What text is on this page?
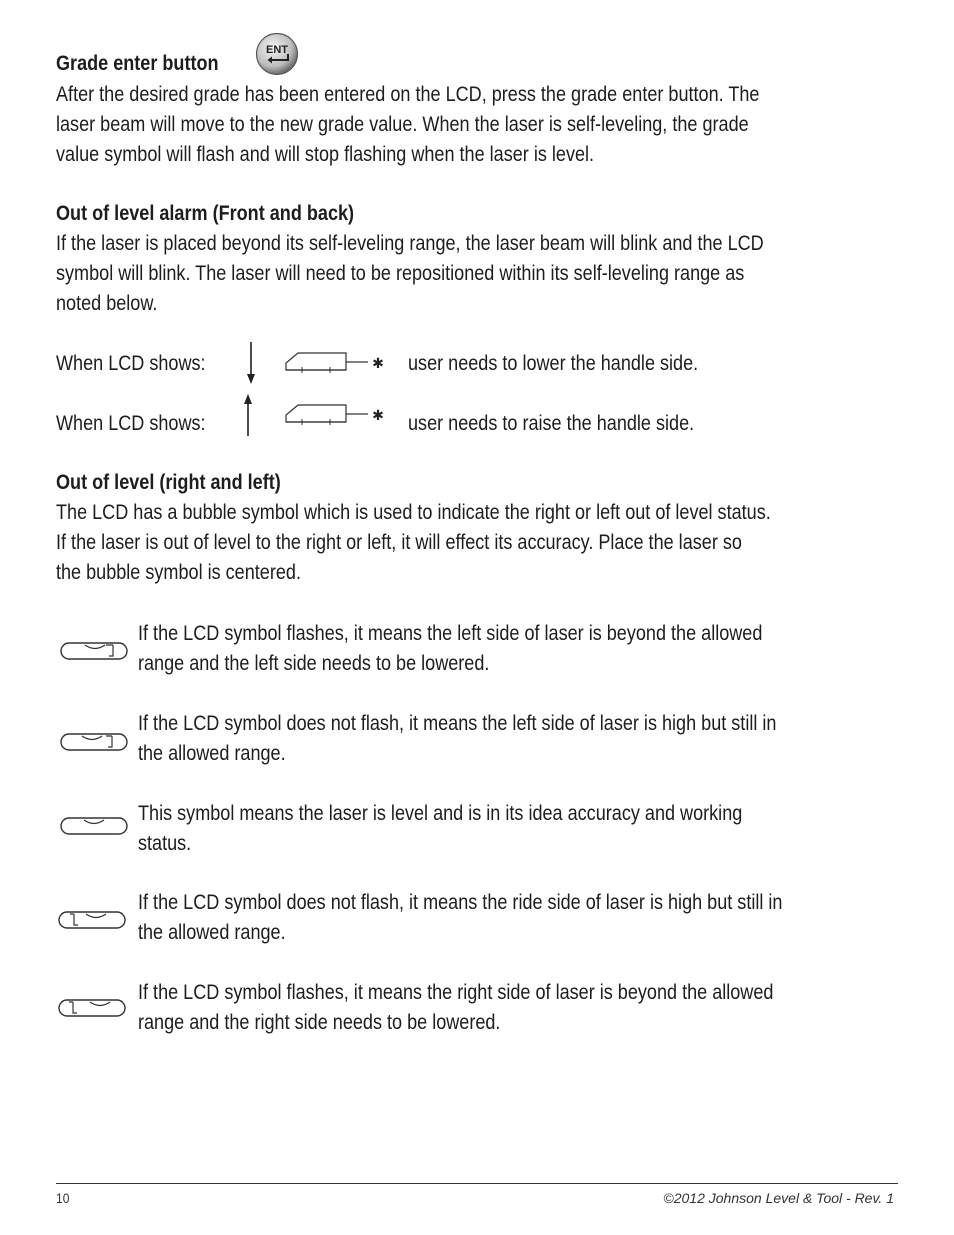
Grade enter button
ENT
After the desired grade has been entered on the LCD, press the grade enter button. The
laser beam will move to the new grade value. When the laser is self-leveling, the grade
value symbol will flash and will stop flashing when the laser is level.
Out of level alarm (Front and back)
If the laser is placed beyond its self-leveling range, the laser beam will blink and the LCD
symbol will blink. The laser will need to be repositioned within its self-leveling range as
noted below.
When LCD shows:	✱ user needs to lower the handle side.
When LCD shows:	✱ user needs to raise the handle side.
Out of level (right and left)
The LCD has a bubble symbol which is used to indicate the right or left out of level status.
If the laser is out of level to the right or left, it will effect its accuracy. Place the laser so
the bubble symbol is centered.
If the LCD symbol flashes, it means the left side of laser is beyond the allowed
range and the left side needs to be lowered.
If the LCD symbol does not flash, it means the left side of laser is high but still in
the allowed range.
This symbol means the laser is level and is in its idea accuracy and working
status.
If the LCD symbol does not flash, it means the ride side of laser is high but still in
the allowed range.
If the LCD symbol flashes, it means the right side of laser is beyond the allowed
range and the right side needs to be lowered.
10	©2012 Johnson Level & Tool - Rev. 1
